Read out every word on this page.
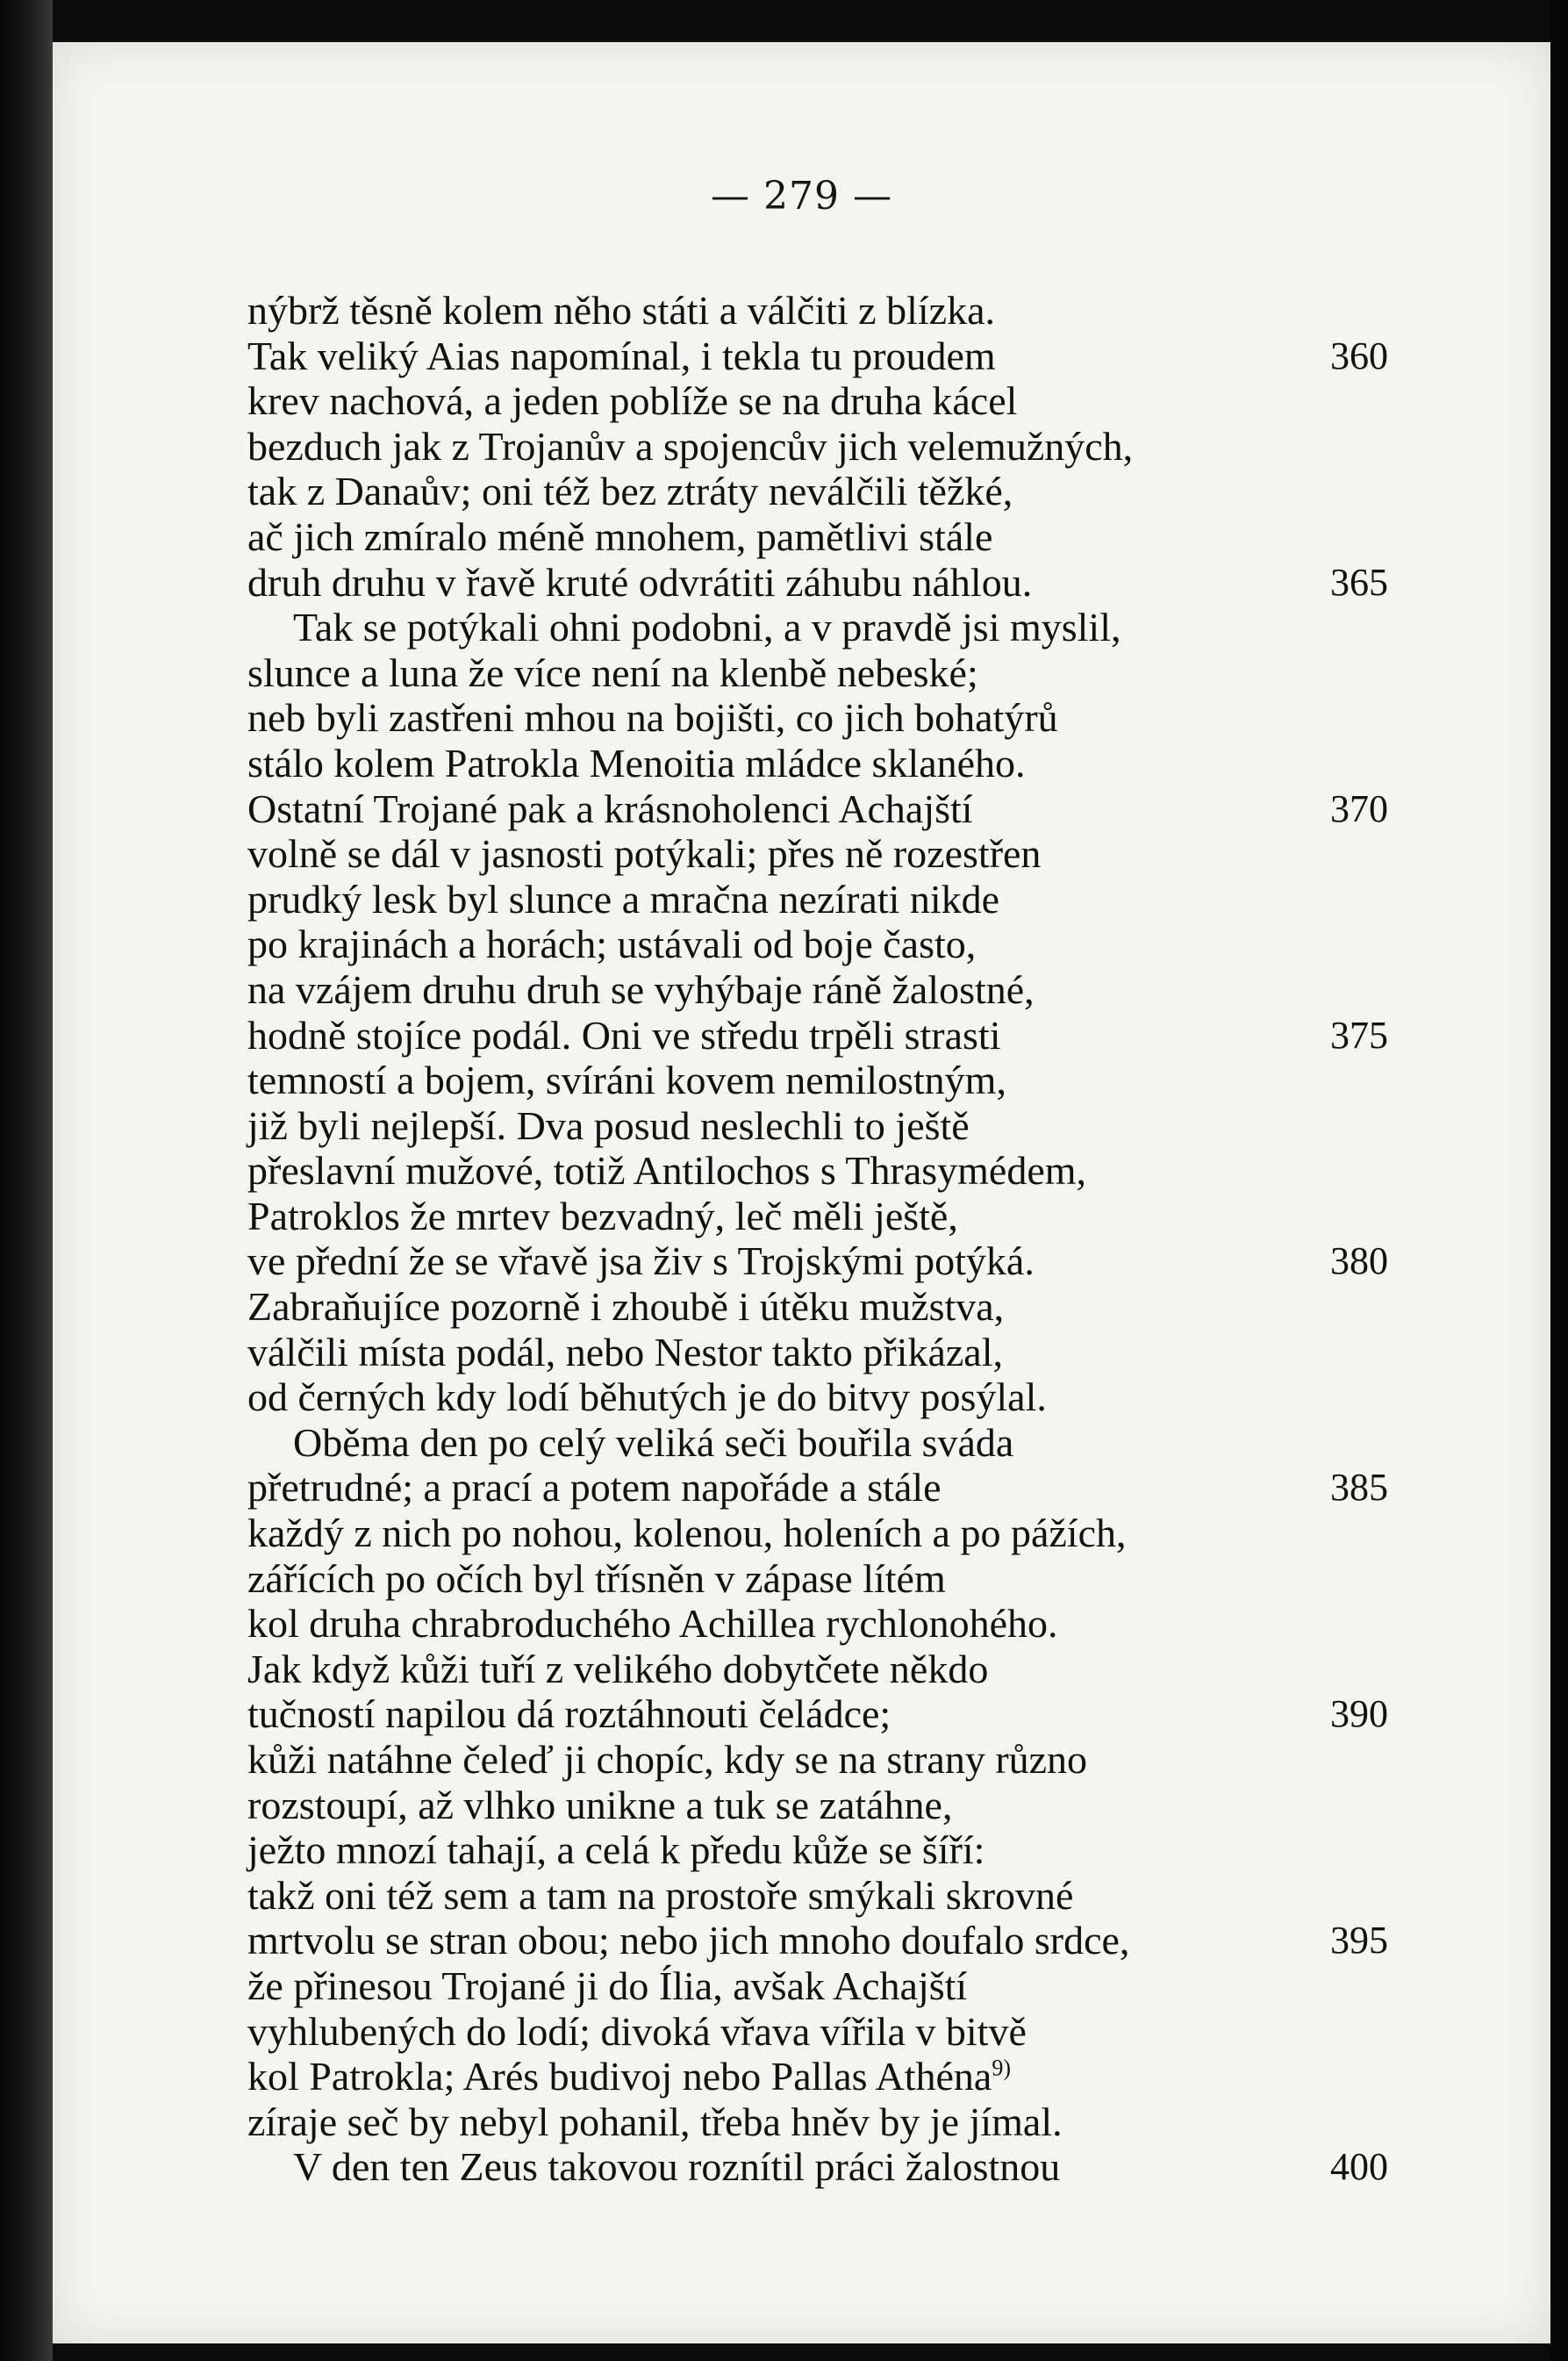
— 279 —
nýbrž těsně kolem něho státi a válčiti z blízka.
Tak veliký Aias napomínal, i tekla tu proudem	360
krev nachová, a jeden poblíže se na druha kácel
bezduch jak z Trojanův a spojencův jich velemužných,
tak z Danaův; oni též bez ztráty neválčili těžké,
ač jich zmíralo méně mnohem, pamětlivi stále
druh druhu v řavě kruté odvrátiti záhubu náhlou.	365
Tak se potýkali ohni podobni, a v pravdě jsi myslil,
slunce a luna že více není na klenbě nebeské;
neb byli zastřeni mhou na bojišti, co jich bohatýrů
stálo kolem Patrokla Menoitia mládce sklaného.
Ostatní Trojané pak a krásnoholenci Achajští	370
volně se dál v jasnosti potýkali; přes ně rozestřen
prudký lesk byl slunce a mračna nezírati nikde
po krajinách a horách; ustávali od boje často,
na vzájem druhu druh se vyhýbaje ráně žalostné,
hodně stojíce podál. Oni ve středu trpěli strasti	375
temností a bojem, svíráni kovem nemilostným,
již byli nejlepší. Dva posud neslechli to ještě
přeslavní mužové, totiž Antilochos s Thrasymédem,
Patroklos že mrtev bezvadný, leč měli ještě,
ve přední že se vřavě jsa živ s Trojskými potýká.	380
Zabraňujíce pozorně i zhoubě i útěku mužstva,
válčili místa podál, nebo Nestor takto přikázal,
od černých kdy lodí běhutých je do bitvy posýlal.
Oběma den po celý veliká seči bouřila sváda
přetrudné; a prací a potem napořáde a stále	385
každý z nich po nohou, kolenou, holeních a po pážích,
zářících po očích byl třísněn v zápase lítém
kol druha chrabroduchého Achillea rychlonohého.
Jak když kůži tuří z velikého dobytčete někdo
tučností napilou dá roztáhnouti čeládce;	390
kůži natáhne čeleď ji chopíc, kdy se na strany různo
rozstoupí, až vlhko unikne a tuk se zatáhne,
ježto mnozí tahají, a celá k předu kůže se šíří:
takž oni též sem a tam na prostoře smýkali skrovné
mrtvolu se stran obou; nebo jich mnoho doufalo srdce,	395
že přinesou Trojané ji do Ília, avšak Achajští
vyhlubených do lodí; divoká vřava vířila v bitvě
kol Patrokla; Arés budivoj nebo Pallas Athéna$^{9)}$
zíraje seč by nebyl pohanil, třeba hněv by je jímal.
V den ten Zeus takovou roznítil práci žalostnou	400
